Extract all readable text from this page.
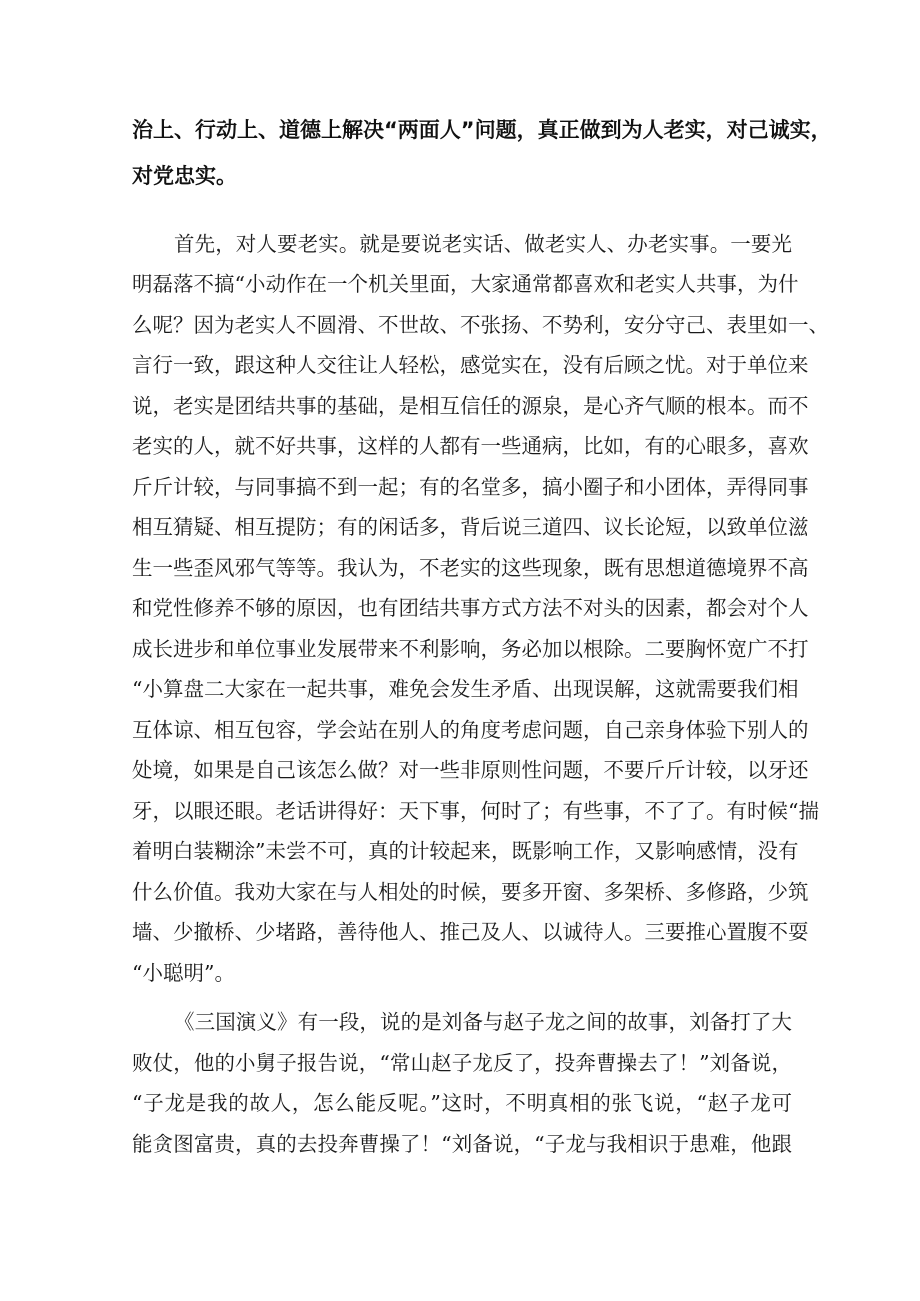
治上、行动上、道德上解决“两面人”问题，真正做到为人老实，对己诚实，
对党忠实。
首先，对人要老实。就是要说老实话、做老实人、办老实事。一要光
明磊落不搞“小动作在一个机关里面，大家通常都喜欢和老实人共事，为什
么呢？因为老实人不圆滑、不世故、不张扬、不势利，安分守己、表里如一、
言行一致，跟这种人交往让人轻松，感觉实在，没有后顾之忧。对于单位来
说，老实是团结共事的基础，是相互信任的源泉，是心齐气顺的根本。而不
老实的人，就不好共事，这样的人都有一些通病，比如，有的心眼多，喜欢
斤斤计较，与同事搞不到一起；有的名堂多，搞小圈子和小团体，弄得同事
相互猜疑、相互提防；有的闲话多，背后说三道四、议长论短，以致单位滋
生一些歪风邪气等等。我认为，不老实的这些现象，既有思想道德境界不高
和党性修养不够的原因，也有团结共事方式方法不对头的因素，都会对个人
成长进步和单位事业发展带来不利影响，务必加以根除。二要胸怀宽广不打
“小算盘二大家在一起共事，难免会发生矛盾、出现误解，这就需要我们相
互体谅、相互包容，学会站在别人的角度考虑问题，自己亲身体验下别人的
处境，如果是自己该怎么做？对一些非原则性问题，不要斤斤计较，以牙还
牙，以眼还眼。老话讲得好：天下事，何时了；有些事，不了了。有时候“揣
着明白装糊涂”未尝不可，真的计较起来，既影响工作，又影响感情，没有
什么价值。我劝大家在与人相处的时候，要多开窗、多架桥、多修路，少筑
墙、少撤桥、少堵路，善待他人、推己及人、以诚待人。三要推心置腹不耍
“小聪明”。
《三国演义》有一段，说的是刘备与赵子龙之间的故事，刘备打了大
败仗，他的小舅子报告说，“常山赵子龙反了，投奔曹操去了！”刘备说，
“子龙是我的故人，怎么能反呢。”这时，不明真相的张飞说，“赵子龙可
能贪图富贵，真的去投奔曹操了！“刘备说，“子龙与我相识于患难，他跟
